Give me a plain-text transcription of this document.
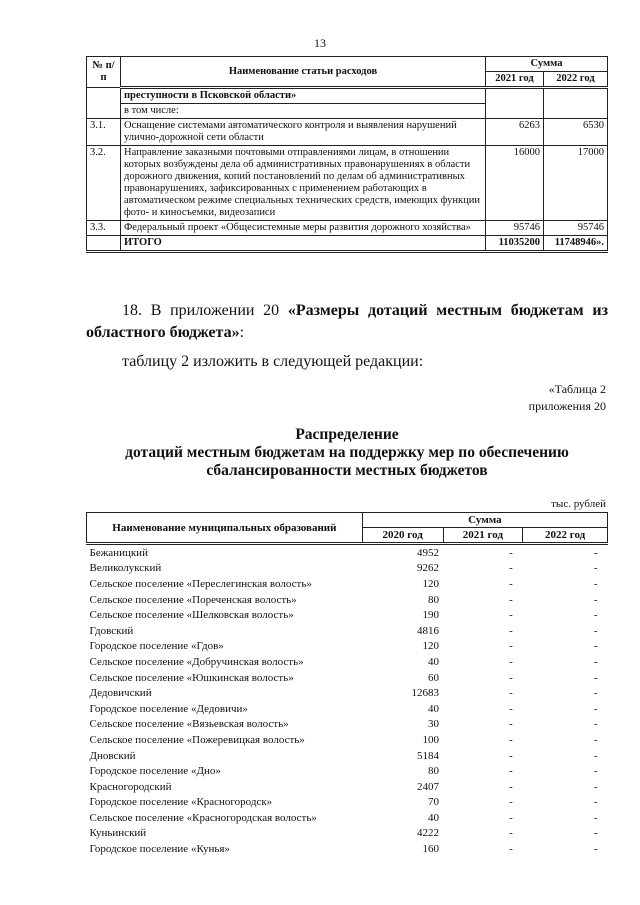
13
№ п/п	Наименование статьи расходов	Сумма	
		2021 год	2022 год
	преступности в Псковской области»		
	в том числе:		
3.1.	Оснащение системами автоматического контроля и выявления нарушений улично-дорожной сети области	6263	6530
3.2.	Направление заказными почтовыми отправлениями лицам, в отношении которых возбуждены дела об административных правонарушениях в области дорожного движения, копий постановлений по делам об административных правонарушениях, зафиксированных с применением работающих в автоматическом режиме специальных технических средств, имеющих функции фото- и киносъемки, видеозаписи	16000	17000
3.3.	Федеральный проект «Общесистемные меры развития дорожного хозяйства»	95746	95746
	ИТОГО	11035200	11748946».
18. В приложении 20 «Размеры дотаций местным бюджетам из областного бюджета»:
таблицу 2 изложить в следующей редакции:
«Таблица 2
приложения 20
Распределение
дотаций местным бюджетам на поддержку мер по обеспечению
сбалансированности местных бюджетов
тыс. рублей
Наименование муниципальных образований	Сумма		
	2020 год	2021 год	2022 год
Бежаницкий	4952	-	-
Великолукский	9262	-	-
Сельское поселение «Переслегинская волость»	120	-	-
Сельское поселение «Пореченская волость»	80	-	-
Сельское поселение «Шелковская волость»	190	-	-
Гдовский	4816	-	-
Городское поселение «Гдов»	120	-	-
Сельское поселение «Добручинская волость»	40	-	-
Сельское поселение «Юшкинская волость»	60	-	-
Дедовичский	12683	-	-
Городское поселение «Дедовичи»	40	-	-
Сельское поселение «Вязьевская волость»	30	-	-
Сельское поселение «Пожеревицкая волость»	100	-	-
Дновский	5184	-	-
Городское поселение «Дно»	80	-	-
Красногородский	2407	-	-
Городское поселение «Красногородск»	70	-	-
Сельское поселение «Красногородская волость»	40	-	-
Куньинский	4222	-	-
Городское поселение «Кунья»	160	-	-
